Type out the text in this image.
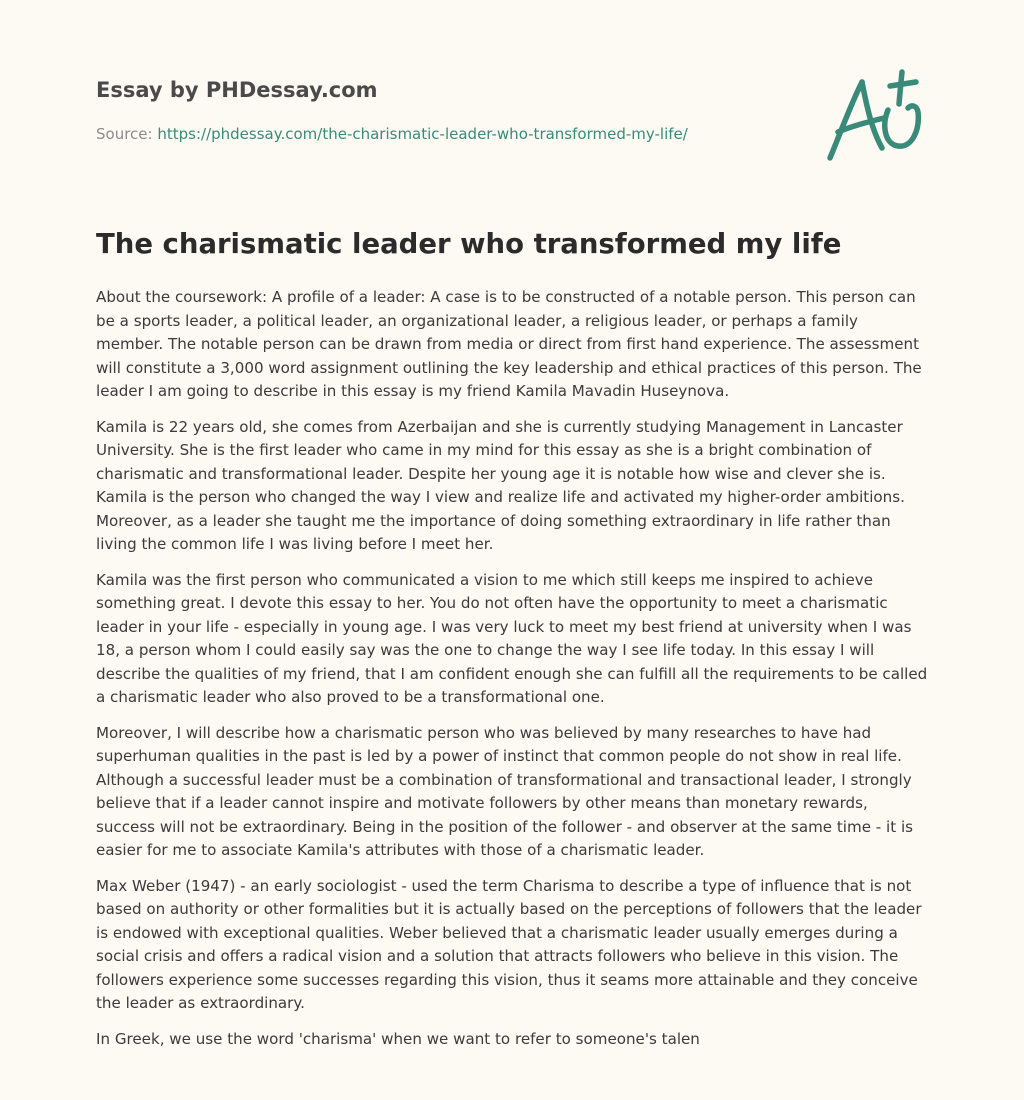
Essay by PHDessay.com
Source: https://phdessay.com/the-charismatic-leader-who-transformed-my-life/
The charismatic leader who transformed my life

About the coursework: A profile of a leader: A case is to be constructed of a notable person. This person can be a sports leader, a political leader, an organizational leader, a religious leader, or perhaps a family member. The notable person can be drawn from media or direct from first hand experience. The assessment will constitute a 3,000 word assignment outlining the key leadership and ethical practices of this person. The leader I am going to describe in this essay is my friend Kamila Mavadin Huseynova.

Kamila is 22 years old, she comes from Azerbaijan and she is currently studying Management in Lancaster University. She is the first leader who came in my mind for this essay as she is a bright combination of charismatic and transformational leader. Despite her young age it is notable how wise and clever she is. Kamila is the person who changed the way I view and realize life and activated my higher-order ambitions. Moreover, as a leader she taught me the importance of doing something extraordinary in life rather than living the common life I was living before I meet her.

Kamila was the first person who communicated a vision to me which still keeps me inspired to achieve something great. I devote this essay to her. You do not often have the opportunity to meet a charismatic leader in your life - especially in young age. I was very luck to meet my best friend at university when I was 18, a person whom I could easily say was the one to change the way I see life today. In this essay I will describe the qualities of my friend, that I am confident enough she can fulfill all the requirements to be called a charismatic leader who also proved to be a transformational one.

Moreover, I will describe how a charismatic person who was believed by many researches to have had superhuman qualities in the past is led by a power of instinct that common people do not show in real life. Although a successful leader must be a combination of transformational and transactional leader, I strongly believe that if a leader cannot inspire and motivate followers by other means than monetary rewards, success will not be extraordinary. Being in the position of the follower - and observer at the same time - it is easier for me to associate Kamila's attributes with those of a charismatic leader.

Max Weber (1947) - an early sociologist - used the term Charisma to describe a type of influence that is not based on authority or other formalities but it is actually based on the perceptions of followers that the leader is endowed with exceptional qualities. Weber believed that a charismatic leader usually emerges during a social crisis and offers a radical vision and a solution that attracts followers who believe in this vision. The followers experience some successes regarding this vision, thus it seams more attainable and they conceive the leader as extraordinary.

In Greek, we use the word 'charisma' when we want to refer to someone's talen
